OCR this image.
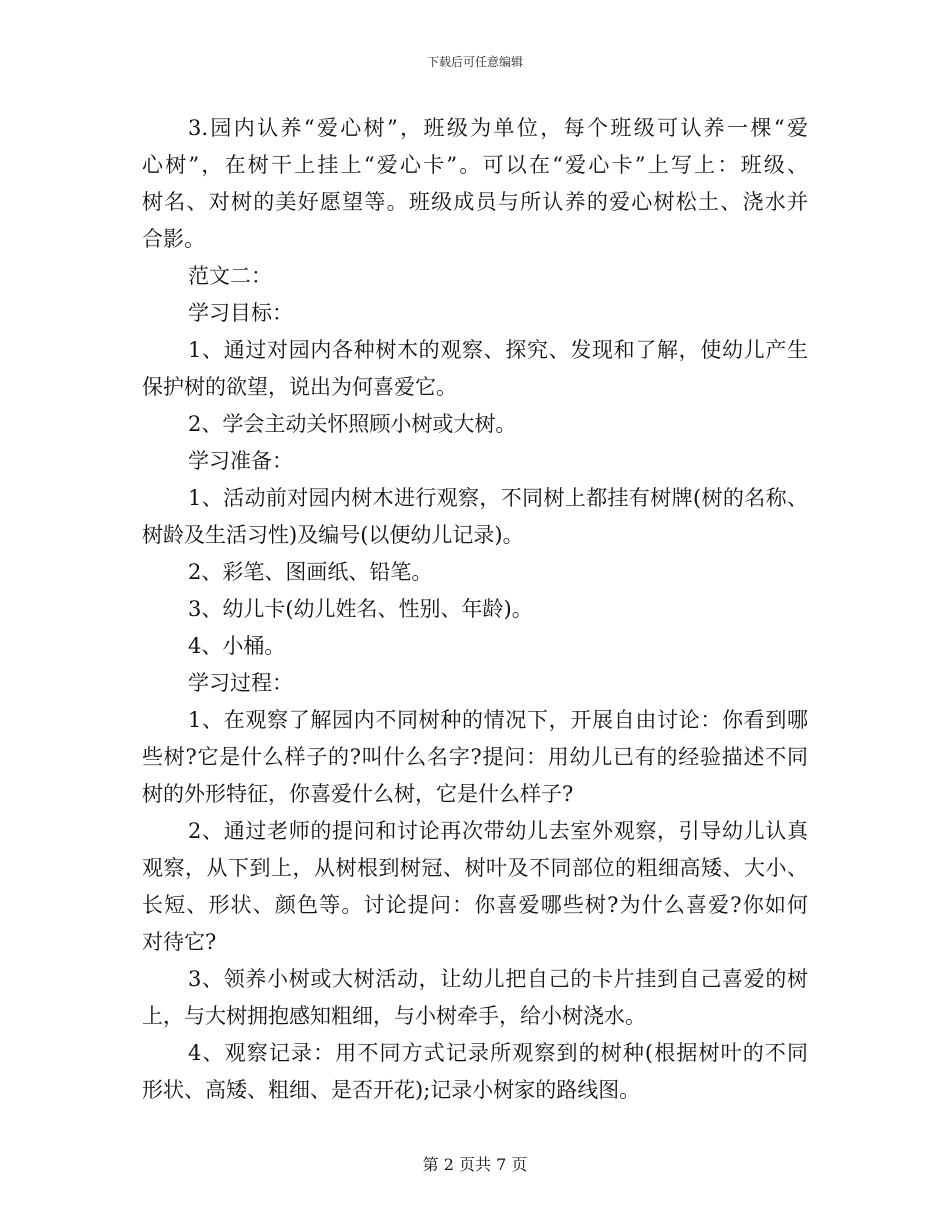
下载后可任意编辑
3.园内认养“爱心树”，班级为单位，每个班级可认养一棵“爱
心树”，在树干上挂上“爱心卡”。可以在“爱心卡”上写上：班级、
树名、对树的美好愿望等。班级成员与所认养的爱心树松土、浇水并
合影。
范文二：
学习目标：
1、通过对园内各种树木的观察、探究、发现和了解，使幼儿产生
保护树的欲望，说出为何喜爱它。
2、学会主动关怀照顾小树或大树。
学习准备：
1、活动前对园内树木进行观察，不同树上都挂有树牌(树的名称、
树龄及生活习性)及编号(以便幼儿记录)。
2、彩笔、图画纸、铅笔。
3、幼儿卡(幼儿姓名、性别、年龄)。
4、小桶。
学习过程：
1、在观察了解园内不同树种的情况下，开展自由讨论：你看到哪
些树?它是什么样子的?叫什么名字?提问：用幼儿已有的经验描述不同
树的外形特征，你喜爱什么树，它是什么样子?
2、通过老师的提问和讨论再次带幼儿去室外观察，引导幼儿认真
观察，从下到上，从树根到树冠、树叶及不同部位的粗细高矮、大小、
长短、形状、颜色等。讨论提问：你喜爱哪些树?为什么喜爱?你如何
对待它?
3、领养小树或大树活动，让幼儿把自己的卡片挂到自己喜爱的树
上，与大树拥抱感知粗细，与小树牵手，给小树浇水。
4、观察记录：用不同方式记录所观察到的树种(根据树叶的不同
形状、高矮、粗细、是否开花);记录小树家的路线图。
第 2 页共 7 页
